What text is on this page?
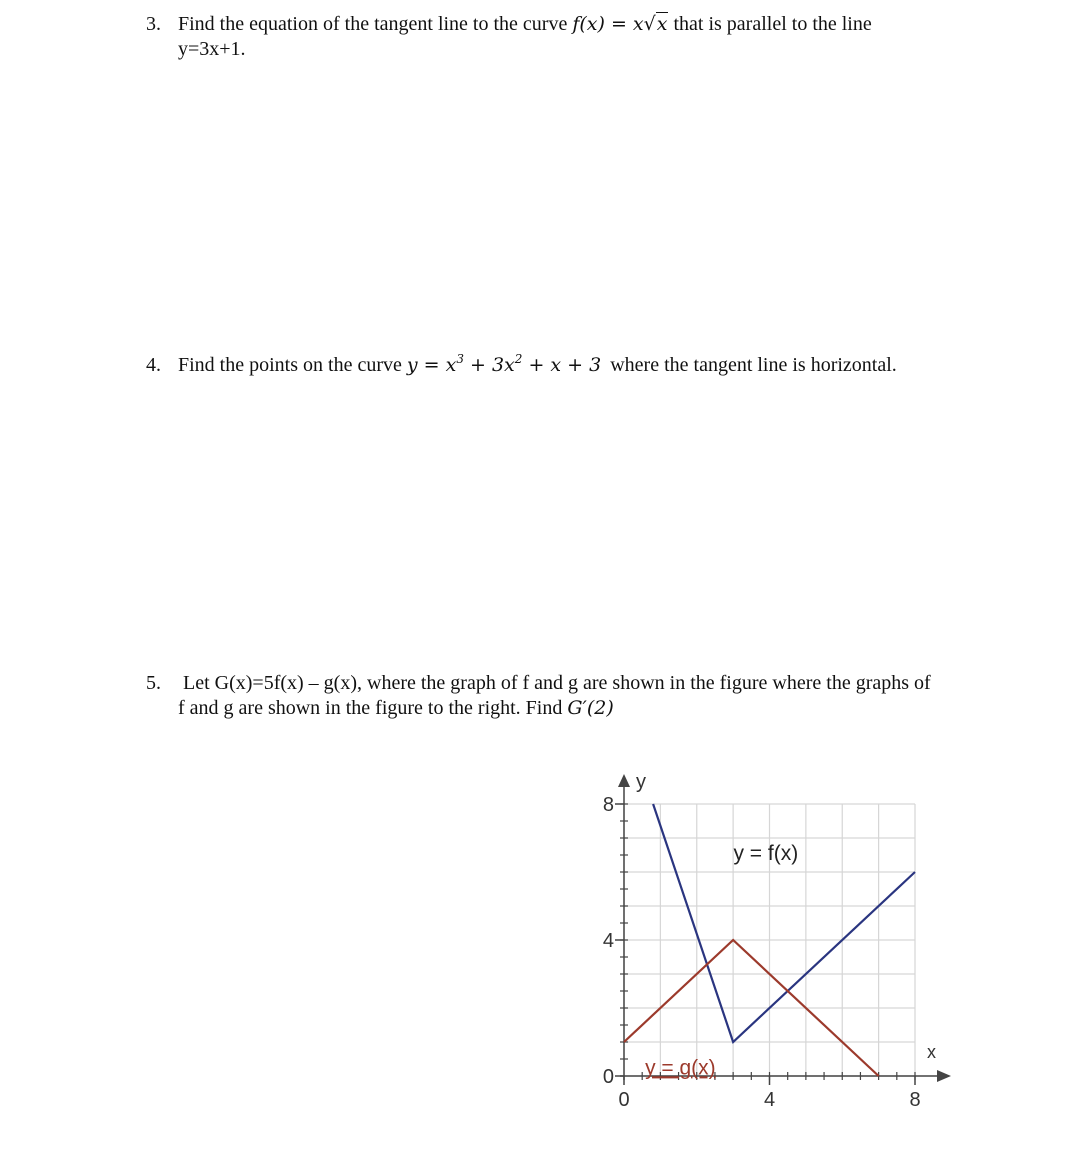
3. Find the equation of the tangent line to the curve f(x) = x√x that is parallel to the line
y=3x+1.
4. Find the points on the curve $y = x^3 + 3x^2 + x + 3$ where the tangent line is horizontal.
5. Let G(x)=5f(x) – g(x), where the graph of f and g are shown in the figure where the graphs of
f and g are shown in the figure to the right. Find G′(2)
y
x
0
4
8
0	4	8
y = f(x)
y = g(x)
